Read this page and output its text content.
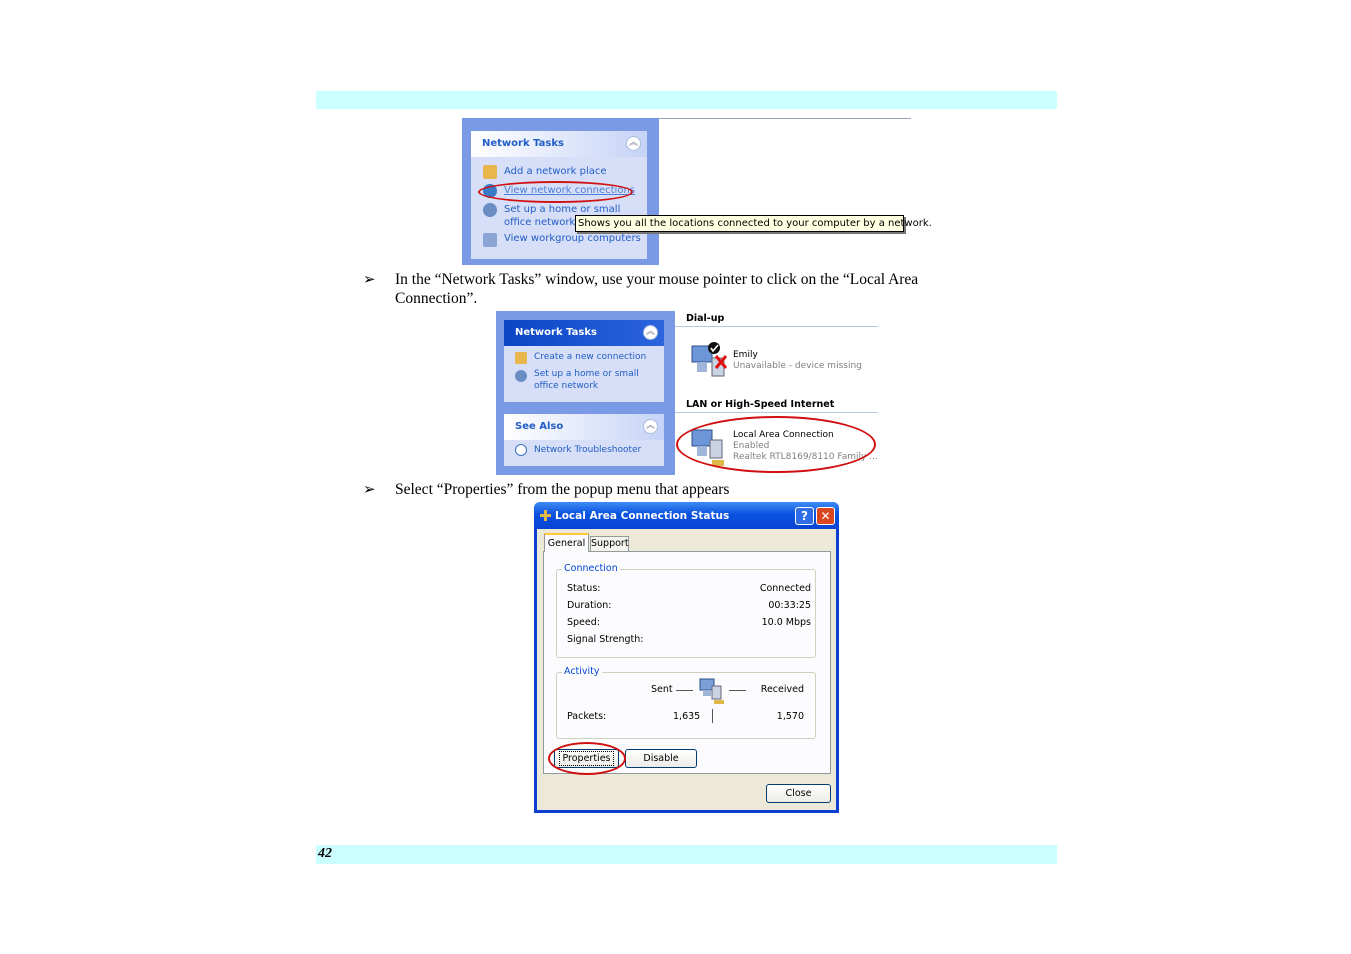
42
Network Tasks	︽
Add a network place
View network connections
Set up a home or small
office network
View workgroup computers
Shows you all the locations connected to your computer by a network.
➢ In the “Network Tasks” window, use your mouse pointer to click on the “Local Area
Connection”.
Network Tasks	︽
Create a new connection
Set up a home or small
office network
See Also	︽
Network Troubleshooter
Dial-up
Emily
Unavailable - device missing
LAN or High-Speed Internet
Local Area Connection
Enabled
Realtek RTL8169/8110 Family ...
➢ Select “Properties” from the popup menu that appears
Local Area Connection Status	?	✕
General Support
Connection
Status:	Connected
Duration:	00:33:25
Speed:	10.0 Mbps
Signal Strength:
Activity
Sent	Received
Packets:	1,635	1,570
Properties	Disable
Close
